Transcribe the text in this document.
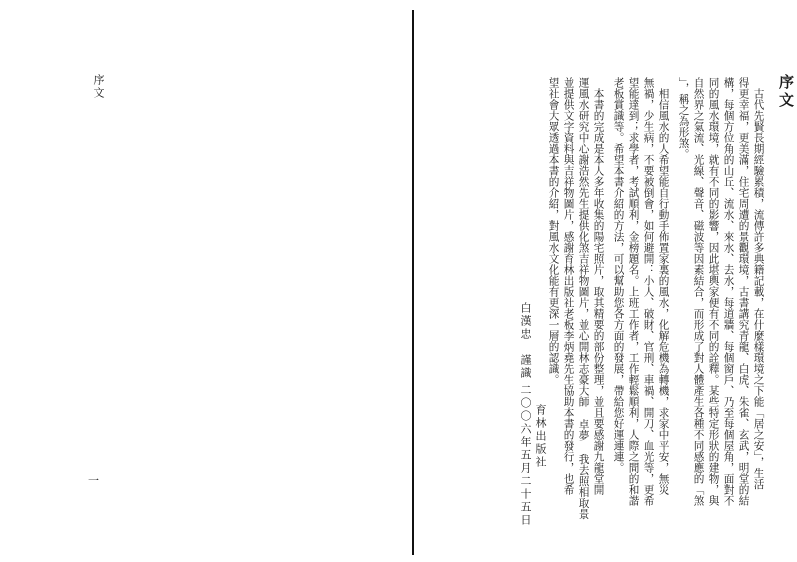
序文
一
序文
古代先賢長期經驗累積，流傳許多典籍記載，在什麼樣環境之下能「居之安」，生活
得更幸福，更美滿，住宅周遭的景觀環境，古書講究青龍、白虎、朱雀、玄武，明堂的結
構，每個方位角的山丘、流水、來水、去水，每道牆、每個窗戶、乃至每個屋角，面對不
同的風水環境，就有不同的影響，因此堪輿家便有不同的詮釋。某些特定形狀的建物，與
自然界之氣流、光線、聲音、磁波等因素結合，而形成了對人體產生各種不同感應的「煞
」，稱之為形煞。
相信風水的人希望能自行動手佈置家裏的風水，化解危機為轉機，求家中平安，無災
無禍，少生病，不要被倒會，如何避開：小人、破財、官刑、車禍、開刀、血光等，更希
望能達到；求學者，考試順利，金榜題名。上班工作者，工作輕鬆順利，人際之間的和諧
老板賞識等。希望本書介紹的方法，可以幫助您各方面的發展，帶給您好運連連。
本書的完成是本人多年收集的陽宅照片，取其精要的部份整理，並且要感謝九龍堂開
運風水研究中心謝浩然先生提供化煞吉祥物圖片，並心開林志豪大師 卓夢 我去照相取景
並提供文字資料與吉祥物圖片，感謝育林出版社老板李炳堯先生協助本書的發行，也希
望社會大眾透過本書的介紹，對風水文化能有更深一層的認識。
白漢忠　謹識
二〇〇六年五月二十五日 育林出版社
